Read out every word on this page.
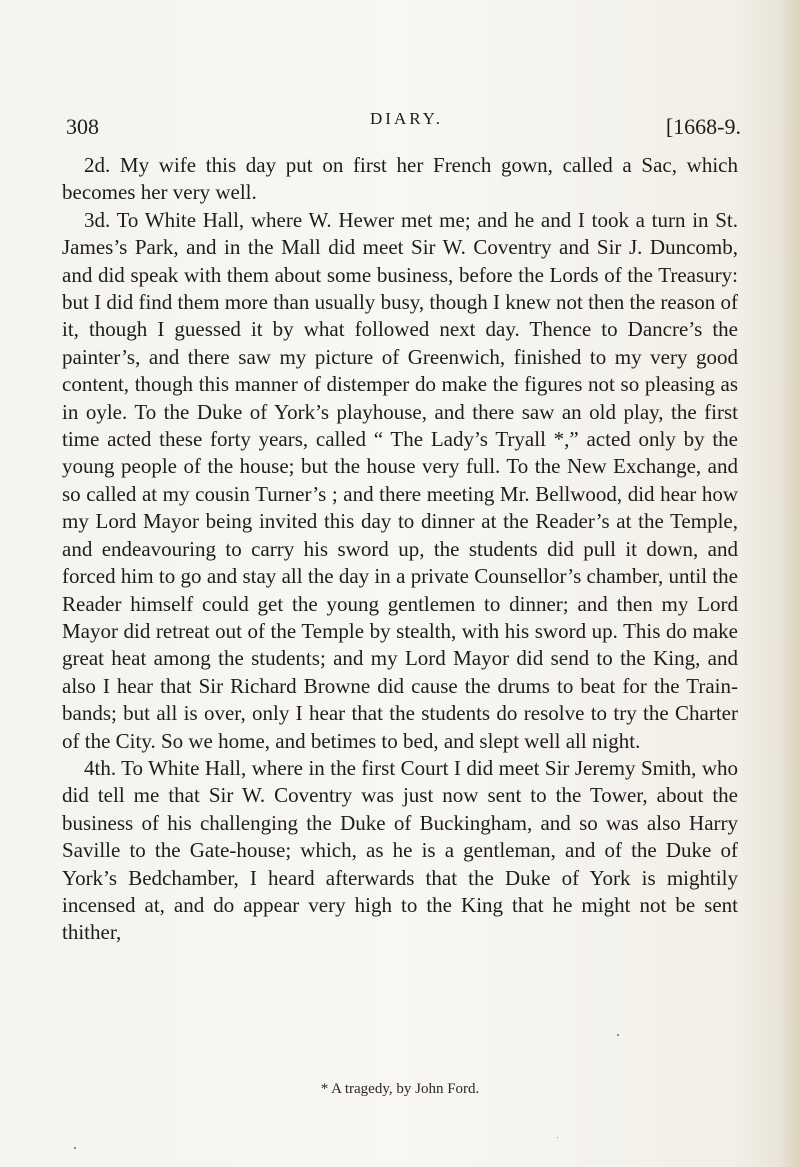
308	DIARY.	[1668-9.

2d. My wife this day put on first her French gown, called a Sac, which becomes her very well.

3d. To White Hall, where W. Hewer met me; and he and I took a turn in St. James’s Park, and in the Mall did meet Sir W. Coventry and Sir J. Duncomb, and did speak with them about some business, before the Lords of the Treasury: but I did find them more than usually busy, though I knew not then the reason of it, though I guessed it by what followed next day. Thence to Dancre’s the painter’s, and there saw my picture of Greenwich, finished to my very good content, though this manner of distemper do make the figures not so pleasing as in oyle. To the Duke of York’s playhouse, and there saw an old play, the first time acted these forty years, called “ The Lady’s Tryall *,” acted only by the young people of the house; but the house very full. To the New Exchange, and so called at my cousin Turner’s ; and there meeting Mr. Bellwood, did hear how my Lord Mayor being invited this day to dinner at the Reader’s at the Temple, and endeavouring to carry his sword up, the students did pull it down, and forced him to go and stay all the day in a private Counsellor’s chamber, until the Reader himself could get the young gentlemen to dinner; and then my Lord Mayor did retreat out of the Temple by stealth, with his sword up. This do make great heat among the students; and my Lord Mayor did send to the King, and also I hear that Sir Richard Browne did cause the drums to beat for the Train-bands; but all is over, only I hear that the students do resolve to try the Charter of the City. So we home, and betimes to bed, and slept well all night.

4th. To White Hall, where in the first Court I did meet Sir Jeremy Smith, who did tell me that Sir W. Coventry was just now sent to the Tower, about the business of his challenging the Duke of Buckingham, and so was also Harry Saville to the Gate-house; which, as he is a gentleman, and of the Duke of York’s Bedchamber, I heard afterwards that the Duke of York is mightily incensed at, and do appear very high to the King that he might not be sent thither,

* A tragedy, by John Ford.
